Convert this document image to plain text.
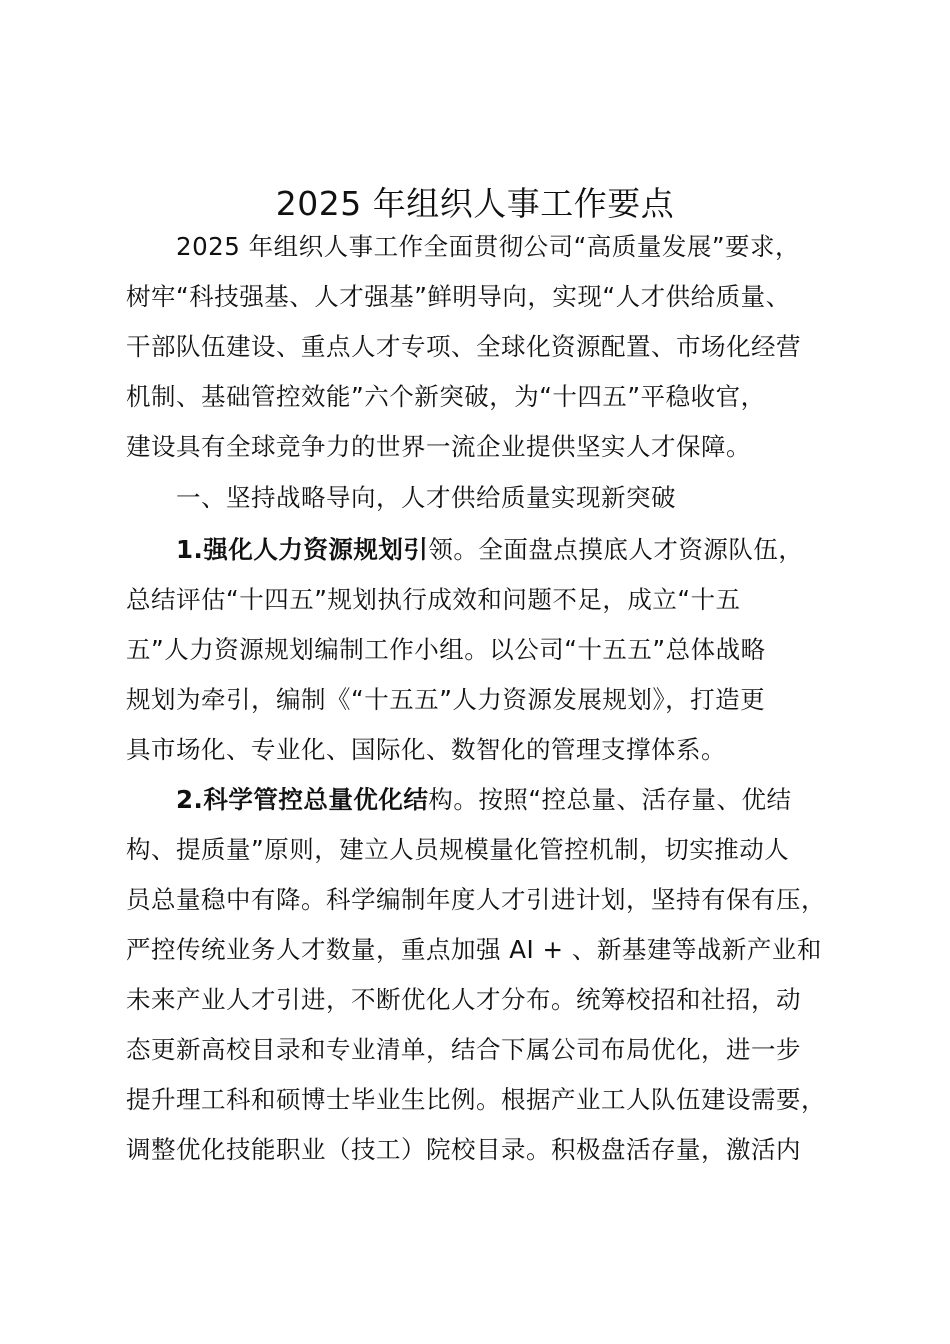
2025 年组织人事工作要点
2025 年组织人事工作全面贯彻公司“高质量发展”要求，
树牢“科技强基、人才强基”鲜明导向，实现“人才供给质量、
干部队伍建设、重点人才专项、全球化资源配置、市场化经营
机制、基础管控效能”六个新突破，为“十四五”平稳收官，
建设具有全球竞争力的世界一流企业提供坚实人才保障。
一、坚持战略导向，人才供给质量实现新突破
1.强化人力资源规划引领。全面盘点摸底人才资源队伍，
总结评估“十四五”规划执行成效和问题不足，成立“十五
五”人力资源规划编制工作小组。以公司“十五五”总体战略
规划为牵引，编制《“十五五”人力资源发展规划》，打造更
具市场化、专业化、国际化、数智化的管理支撑体系。
2.科学管控总量优化结构。按照“控总量、活存量、优结
构、提质量”原则，建立人员规模量化管控机制，切实推动人
员总量稳中有降。科学编制年度人才引进计划，坚持有保有压，
严控传统业务人才数量，重点加强 AI + 、新基建等战新产业和
未来产业人才引进，不断优化人才分布。统筹校招和社招，动
态更新高校目录和专业清单，结合下属公司布局优化，进一步
提升理工科和硕博士毕业生比例。根据产业工人队伍建设需要，
调整优化技能职业（技工）院校目录。积极盘活存量，激活内
